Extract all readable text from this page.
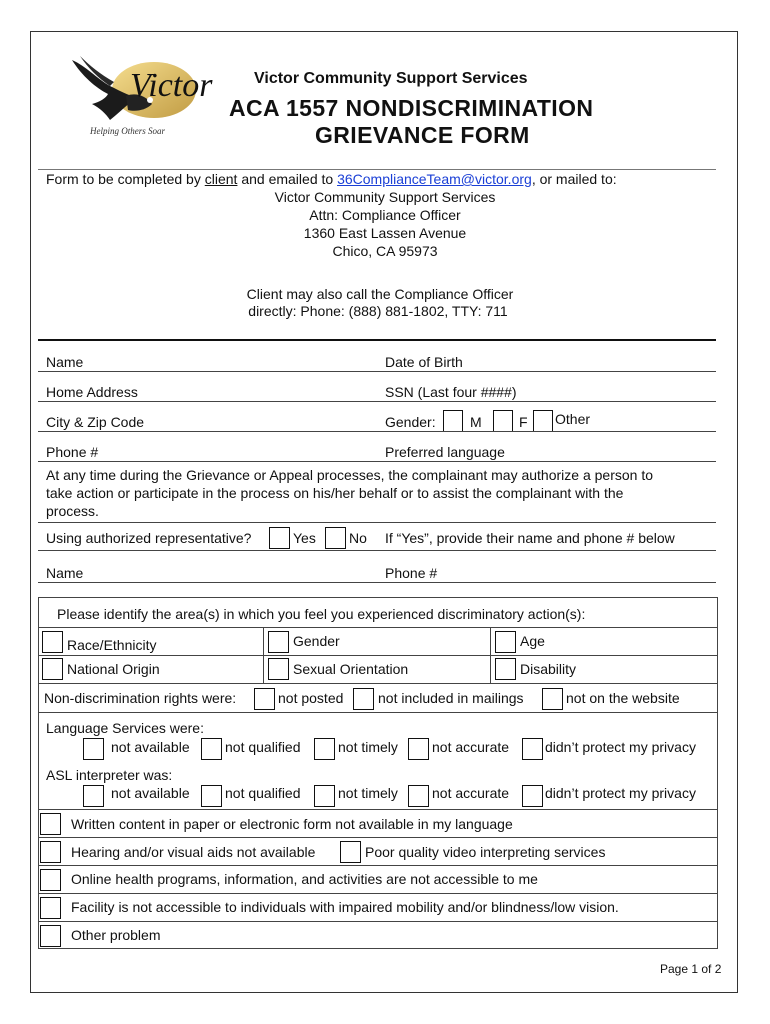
Victor
Helping Others Soar
Victor Community Support Services
ACA 1557 NONDISCRIMINATION
GRIEVANCE FORM
Form to be completed by client and emailed to 36ComplianceTeam@victor.org, or mailed to:
Victor Community Support Services
Attn: Compliance Officer
1360 East Lassen Avenue
Chico, CA 95973
Client may also call the Compliance Officer
directly: Phone: (888) 881-1802, TTY: 711
Name	Date of Birth
Home Address	SSN (Last four ####)
City & Zip Code	Gender: M	F Other
Phone #	Preferred language
At any time during the Grievance or Appeal processes, the complainant may authorize a person to
take action or participate in the process on his/her behalf or to assist the complainant with the
process.
Using authorized representative?	Yes No If “Yes”, provide their name and phone # below
Name	Phone #
Please identify the area(s) in which you feel you experienced discriminatory action(s):
Race/Ethnicity	Gender	Age
National Origin	Sexual Orientation	Disability
Non-discrimination rights were:	not posted not included in mailings	not on the website
Language Services were:
not available	not qualified	not timely not accurate	didn’t protect my privacy
ASL interpreter was:
not available	not qualified	not timely not accurate	didn’t protect my privacy
Written content in paper or electronic form not available in my language
Hearing and/or visual aids not available	Poor quality video interpreting services
Online health programs, information, and activities are not accessible to me
Facility is not accessible to individuals with impaired mobility and/or blindness/low vision.
Other problem
Page 1 of 2
